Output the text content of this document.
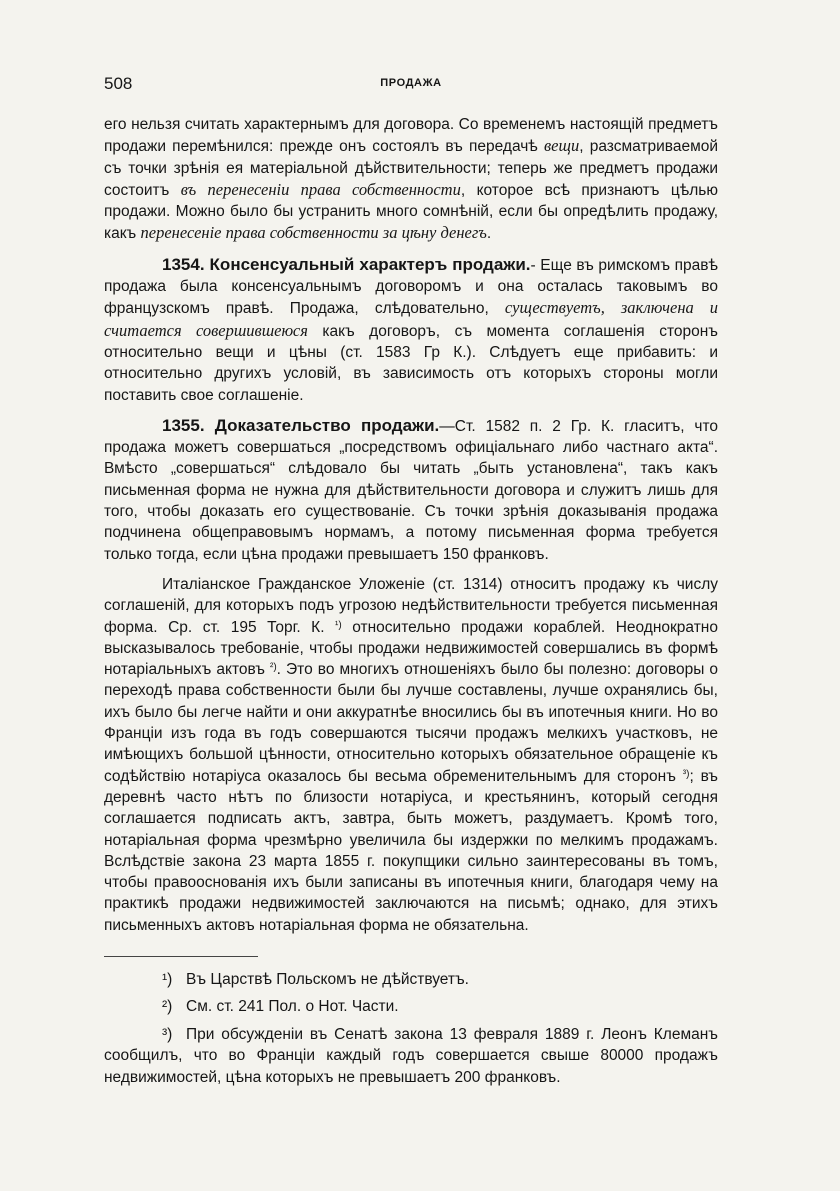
508	ПРОДАЖА

его нельзя считать характернымъ для договора. Со временемъ настоящій предметъ продажи перемѣнился: прежде онъ состоялъ въ передачѣ вещи, разсматриваемой съ точки зрѣнія ея матеріальной дѣйствительности; теперь же предметъ продажи состоитъ въ перенесеніи права собственности, которое всѣ признаютъ цѣлью продажи. Можно было бы устранить много сомнѣній, если бы опредѣлить продажу, какъ перенесеніе права собственности за цѣну денегъ.

1354. Консенсуальный характеръ продажи.- Еще въ римскомъ правѣ продажа была консенсуальнымъ договоромъ и она осталась таковымъ во французскомъ правѣ. Продажа, слѣдовательно, существуетъ, заключена и считается совершившеюся какъ договоръ, съ момента соглашенія сторонъ относительно вещи и цѣны (ст. 1583 Гр К.). Слѣдуетъ еще прибавить: и относительно другихъ условій, въ зависимость отъ которыхъ стороны могли поставить свое соглашеніе.

1355. Доказательство продажи.—Ст. 1582 п. 2 Гр. К. гласитъ, что продажа можетъ совершаться „посредствомъ офиціальнаго либо частнаго акта“. Вмѣсто „совершаться“ слѣдовало бы читать „быть установлена“, такъ какъ письменная форма не нужна для дѣйствительности договора и служитъ лишь для того, чтобы доказать его существованіе. Съ точки зрѣнія доказыванія продажа подчинена общеправовымъ нормамъ, а потому письменная форма требуется только тогда, если цѣна продажи превышаетъ 150 франковъ.

Италіанское Гражданское Уложеніе (ст. 1314) относитъ продажу къ числу соглашеній, для которыхъ подъ угрозою недѣйствительности требуется письменная форма. Ср. ст. 195 Торг. К. $^{^1)}$ относительно продажи кораблей. Неоднократно высказывалось требованіе, чтобы продажи недвижимостей совершались въ формѣ нотаріальныхъ актовъ $^{^2)}$. Это во многихъ отношеніяхъ было бы полезно: договоры о переходѣ права собственности были бы лучше составлены, лучше охранялись бы, ихъ было бы легче найти и они аккуратнѣе вносились бы въ ипотечныя книги. Но во Франціи изъ года въ годъ совершаются тысячи продажъ мелкихъ участковъ, не имѣющихъ большой цѣнности, относительно которыхъ обязательное обращеніе къ содѣйствію нотаріуса оказалось бы весьма обременительнымъ для сторонъ $^{^3)}$; въ деревнѣ часто нѣтъ по близости нотаріуса, и крестьянинъ, который сегодня соглашается подписать актъ, завтра, быть можетъ, раздумаетъ. Кромѣ того, нотаріальная форма чрезмѣрно увеличила бы издержки по мелкимъ продажамъ. Вслѣдствіе закона 23 марта 1855 г. покупщики сильно заинтересованы въ томъ, чтобы правооснованія ихъ были записаны въ ипотечныя книги, благодаря чему на практикѣ продажи недвижимостей заключаются на письмѣ; однако, для этихъ письменныхъ актовъ нотаріальная форма не обязательна.

¹) Въ Царствѣ Польскомъ не дѣйствуетъ.

²) См. ст. 241 Пол. о Нот. Части.

³) При обсужденіи въ Сенатѣ закона 13 февраля 1889 г. Леонъ Клеманъ сообщилъ, что во Франціи каждый годъ совершается свыше 80000 продажъ недвижимостей, цѣна которыхъ не превышаетъ 200 франковъ.
